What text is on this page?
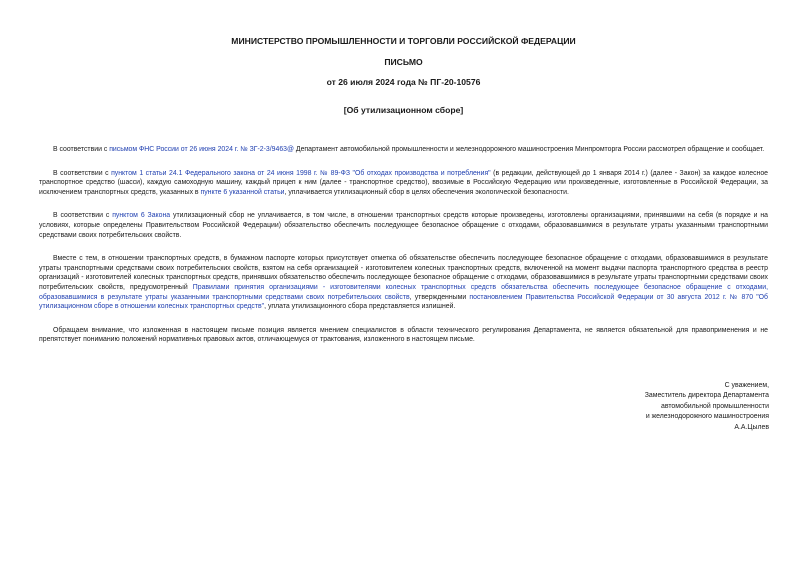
МИНИСТЕРСТВО ПРОМЫШЛЕННОСТИ И ТОРГОВЛИ РОССИЙСКОЙ ФЕДЕРАЦИИ
ПИСЬМО
от 26 июля 2024 года № ПГ-20-10576
[Об утилизационном сборе]

В соответствии с письмом ФНС России от 26 июня 2024 г. № ЗГ-2-3/9463@ Департамент автомобильной промышленности и железнодорожного машиностроения Минпромторга России рассмотрел обращение и сообщает.

В соответствии с пунктом 1 статьи 24.1 Федерального закона от 24 июня 1998 г. № 89-ФЗ "Об отходах производства и потребления" (в редакции, действующей до 1 января 2014 г.) (далее - Закон) за каждое колесное транспортное средство (шасси), каждую самоходную машину, каждый прицеп к ним (далее - транспортное средство), ввозимые в Российскую Федерацию или произведенные, изготовленные в Российской Федерации, за исключением транспортных средств, указанных в пункте 6 указанной статьи, уплачивается утилизационный сбор в целях обеспечения экологической безопасности.

В соответствии с пунктом 6 Закона утилизационный сбор не уплачивается, в том числе, в отношении транспортных средств которые произведены, изготовлены организациями, принявшими на себя (в порядке и на условиях, которые определены Правительством Российской Федерации) обязательство обеспечить последующее безопасное обращение с отходами, образовавшимися в результате утраты указанными транспортными средствами своих потребительских свойств.

Вместе с тем, в отношении транспортных средств, в бумажном паспорте которых присутствует отметка об обязательстве обеспечить последующее безопасное обращение с отходами, образовавшимися в результате утраты транспортными средствами своих потребительских свойств, взятом на себя организацией - изготовителем колесных транспортных средств, включенной на момент выдачи паспорта транспортного средства в реестр организаций - изготовителей колесных транспортных средств, принявших обязательство обеспечить последующее безопасное обращение с отходами, образовавшимися в результате утраты транспортными средствами своих потребительских свойств, предусмотренный Правилами принятия организациями - изготовителями колесных транспортных средств обязательства обеспечить последующее безопасное обращение с отходами, образовавшимися в результате утраты указанными транспортными средствами своих потребительских свойств, утвержденными постановлением Правительства Российской Федерации от 30 августа 2012 г. № 870 "Об утилизационном сборе в отношении колесных транспортных средств", уплата утилизационного сбора представляется излишней.

Обращаем внимание, что изложенная в настоящем письме позиция является мнением специалистов в области технического регулирования Департамента, не является обязательной для правоприменения и не препятствует пониманию положений нормативных правовых актов, отличающемуся от трактования, изложенного в настоящем письме.

С уважением,
Заместитель директора Департамента
автомобильной промышленности
и железнодорожного машиностроения
А.А.Цылев
